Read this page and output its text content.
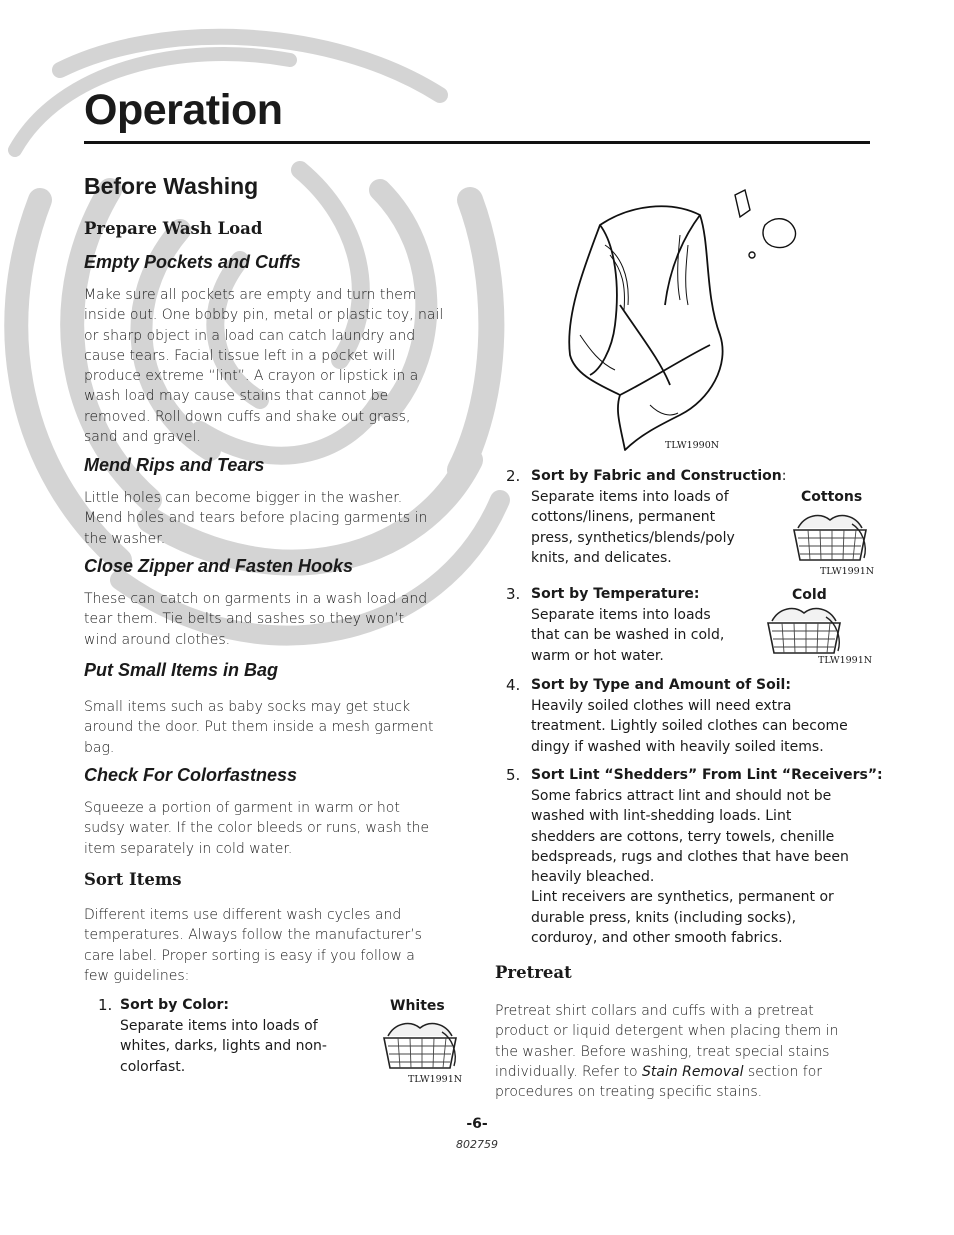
Operation
Before Washing
Prepare Wash Load
Empty Pockets and Cuffs
Make sure all pockets are empty and turn them
inside out. One bobby pin, metal or plastic toy, nail
or sharp object in a load can catch laundry and
cause tears. Facial tissue left in a pocket will
produce extreme “lint”. A crayon or lipstick in a
wash load may cause stains that cannot be
removed. Roll down cuffs and shake out grass,
sand and gravel.
Mend Rips and Tears
Little holes can become bigger in the washer.
Mend holes and tears before placing garments in
the washer.
Close Zipper and Fasten Hooks
These can catch on garments in a wash load and
tear them. Tie belts and sashes so they won’t
wind around clothes.
Put Small Items in Bag
Small items such as baby socks may get stuck
around the door. Put them inside a mesh garment
bag.
Check For Colorfastness
Squeeze a portion of garment in warm or hot
sudsy water. If the color bleeds or runs, wash the
item separately in cold water.
Sort Items
Different items use different wash cycles and
temperatures. Always follow the manufacturer’s
care label. Proper sorting is easy if you follow a
few guidelines:
1. Sort by Color:
Separate items into loads of
whites, darks, lights and non-
colorfast.
Whites
TLW1991N
TLW1990N
2. Sort by Fabric and Construction:
Separate items into loads of
cottons/linens, permanent
press, synthetics/blends/poly
knits, and delicates.
Cottons
TLW1991N
3. Sort by Temperature:
Separate items into loads
that can be washed in cold,
warm or hot water.
Cold
TLW1991N
4. Sort by Type and Amount of Soil:
Heavily soiled clothes will need extra
treatment. Lightly soiled clothes can become
dingy if washed with heavily soiled items.
5. Sort Lint “Shedders” From Lint “Receivers”:
Some fabrics attract lint and should not be
washed with lint-shedding loads. Lint
shedders are cottons, terry towels, chenille
bedspreads, rugs and clothes that have been
heavily bleached.
Lint receivers are synthetics, permanent or
durable press, knits (including socks),
corduroy, and other smooth fabrics.
Pretreat
Pretreat shirt collars and cuffs with a pretreat
product or liquid detergent when placing them in
the washer. Before washing, treat special stains
individually. Refer to Stain Removal section for
procedures on treating specific stains.
-6-
802759
